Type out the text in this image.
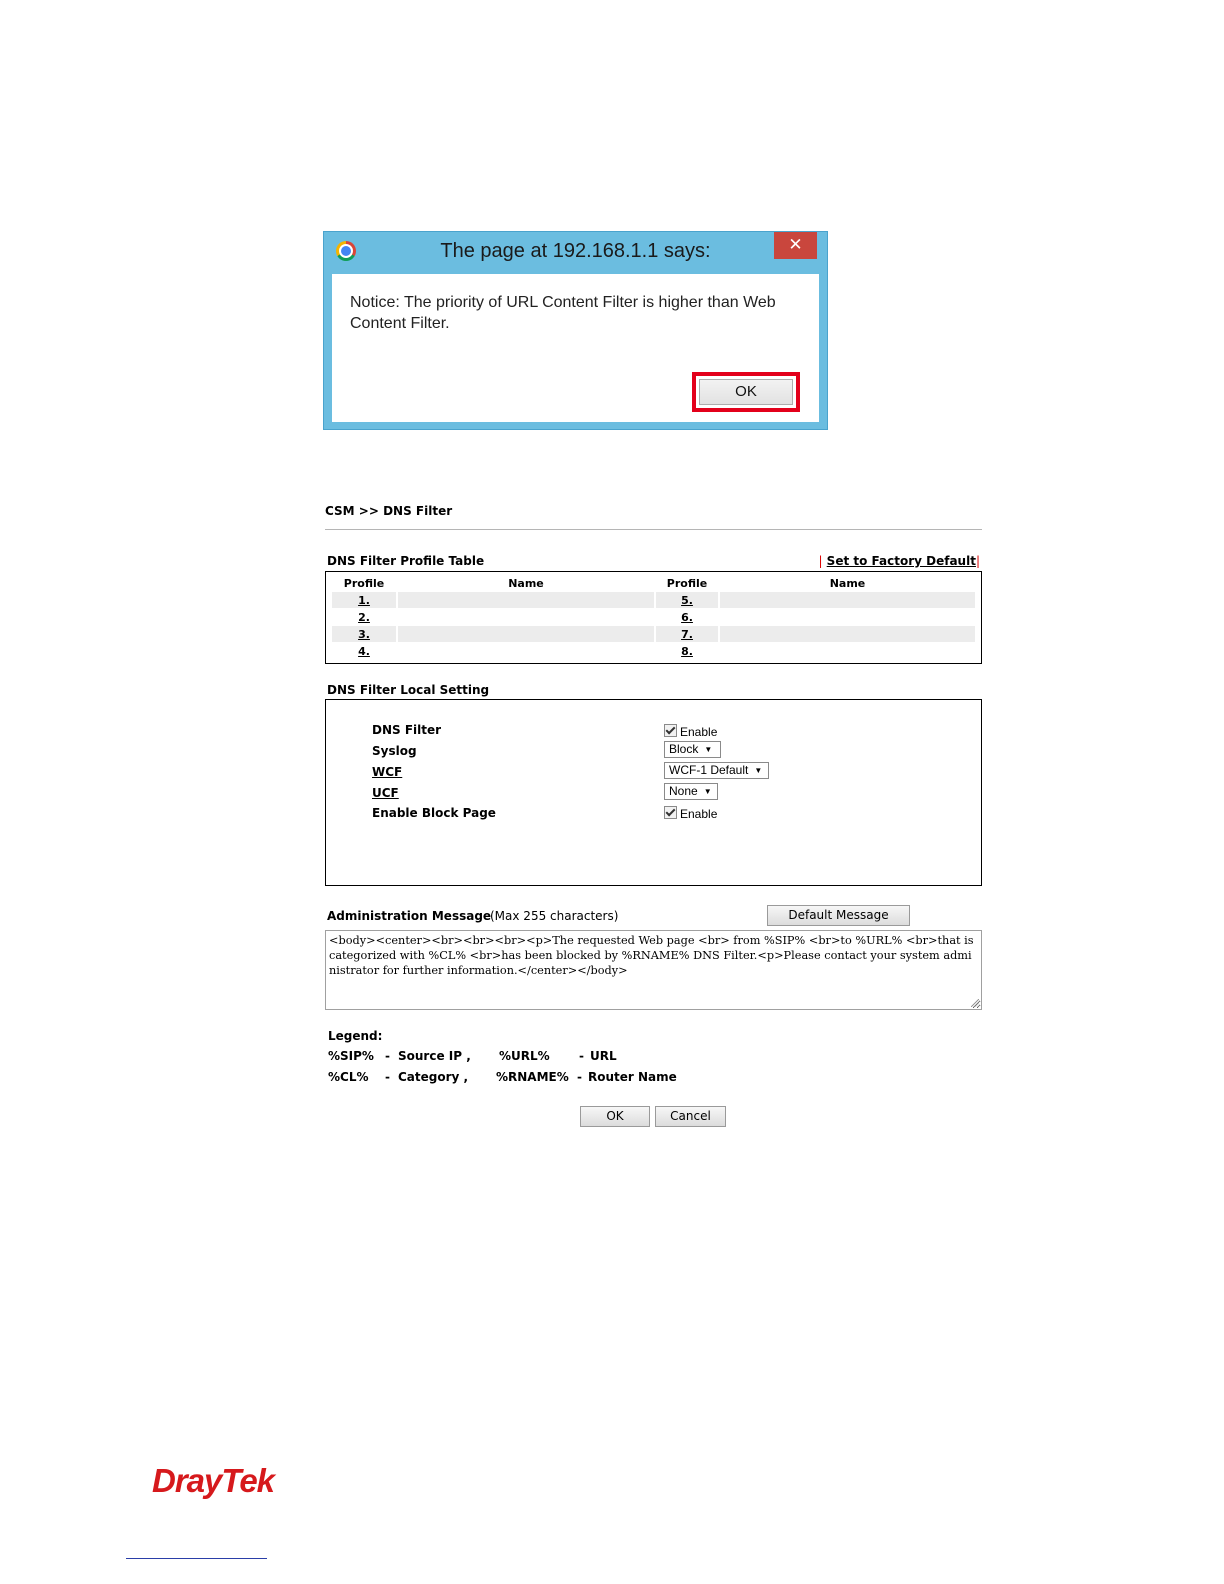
The page at 192.168.1.1 says:	✕
Notice: The priority of URL Content Filter is higher than Web Content Filter.
OK
CSM >> DNS Filter
DNS Filter Profile Table	| Set to Factory Default|
Profile	Name	Profile	Name
1.		5.	
2.		6.	
3.		7.	
4.		8.	
DNS Filter Local Setting
DNS Filter	Enable
Syslog	Block ▼
WCF	WCF-1 Default ▼
UCF	None ▼
Enable Block Page	Enable
Administration Message
(Max 255 characters)	Default Message
<body><center><br><br><br><p>The requested Web page <br> from %SIP% <br>to %URL% <br>that is categorized with %CL% <br>has been blocked by %RNAME% DNS Filter.<p>Please contact your system administrator for further information.</center></body>
Legend:
%SIP% - Source IP , %URL% - URL
%CL% - Category , %RNAME% - Router Name
OK	Cancel
DrayTek
